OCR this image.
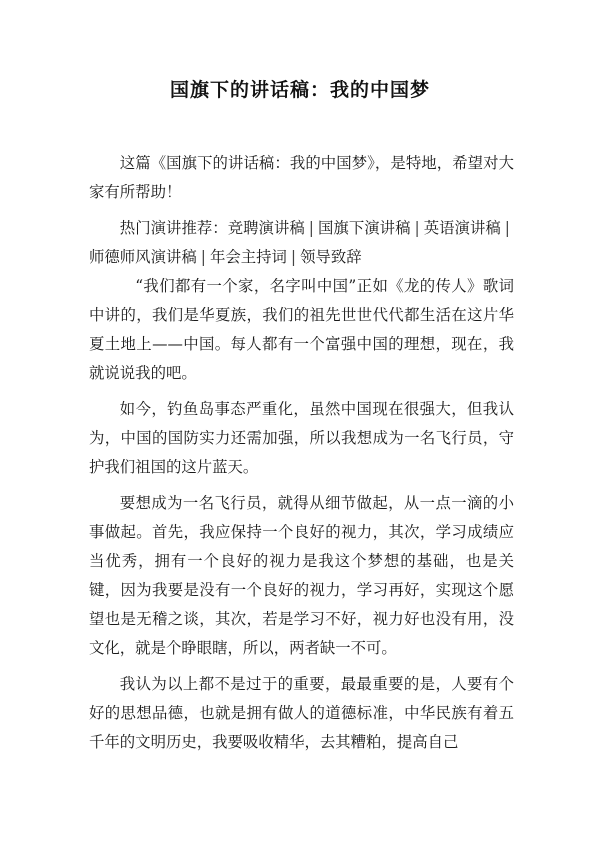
国旗下的讲话稿：我的中国梦

这篇《国旗下的讲话稿：我的中国梦》，是特地，希望对大家有所帮助！

热门演讲推荐：竞聘演讲稿 | 国旗下演讲稿 | 英语演讲稿 |师德师风演讲稿 | 年会主持词 | 领导致辞

“我们都有一个家，名字叫中国”正如《龙的传人》歌词中讲的，我们是华夏族，我们的祖先世世代代都生活在这片华夏土地上——中国。每人都有一个富强中国的理想，现在，我就说说我的吧。

如今，钓鱼岛事态严重化，虽然中国现在很强大，但我认为，中国的国防实力还需加强，所以我想成为一名飞行员，守护我们祖国的这片蓝天。

要想成为一名飞行员，就得从细节做起，从一点一滴的小事做起。首先，我应保持一个良好的视力，其次，学习成绩应当优秀，拥有一个良好的视力是我这个梦想的基础，也是关键，因为我要是没有一个良好的视力，学习再好，实现这个愿望也是无稽之谈，其次，若是学习不好，视力好也没有用，没文化，就是个睁眼瞎，所以，两者缺一不可。

我认为以上都不是过于的重要，最最重要的是，人要有个好的思想品德，也就是拥有做人的道德标准，中华民族有着五千年的文明历史，我要吸收精华，去其糟粕，提高自己
